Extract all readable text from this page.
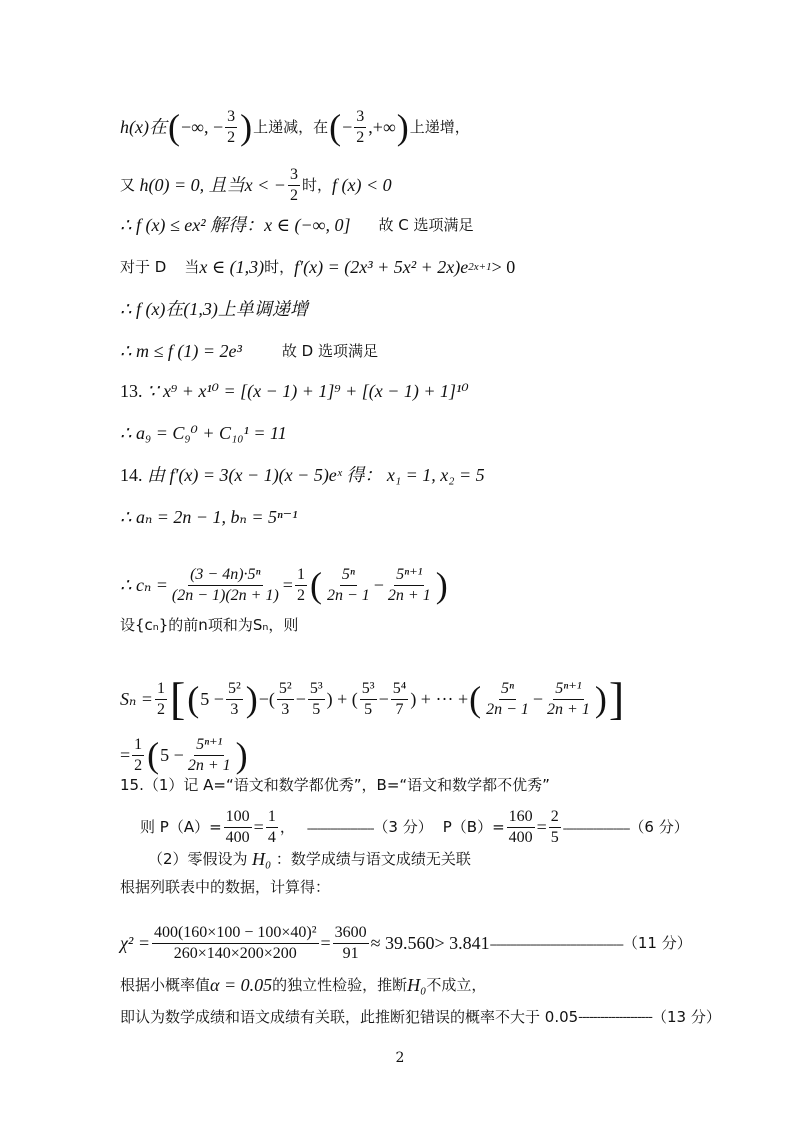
h(x)在 ( −∞, − $\frac{3}{2}$ ) 上递减，在 ( − $\frac{3}{2}$ ,+∞ ) 上递增，
又
h(0) = 0, 且当 x < − $\frac{3}{2}$ 时， f (x) < 0
∴ f (x) ≤ ex² 解得：x ∈ (−∞, 0] 故 C 选项满足
对于 D 当 x ∈ (1,3) 时， f′(x) = (2x³ + 5x² + 2x)e 2x+1 > 0
∴ f (x)在(1,3)上单调递增
∴ m ≤ f (1) = 2e³	故 D 选项满足
13.
∵ x⁹ + x¹⁰ = [(x − 1) + 1]⁹ + [(x − 1) + 1]¹⁰
∴ a₉ = C₉⁰ + C₁₀¹ = 11
14.
由 f′(x) = 3(x − 1)(x − 5)eˣ 得：
x₁ = 1, x₂ = 5
∴ aₙ = 2n − 1, bₙ = 5ⁿ⁻¹
∴ $c_n = \frac{\text{(3 − 4n)·5ⁿ}}{(2n - 1)(2n + 1)} = \frac{1}{2}$ ( $\frac{\text{5ⁿ}}{2n - 1} - \frac{\text{5ⁿ⁺¹}}{2n + 1}$ )
设{cₙ}的前n项和为Sₙ，则
$S_n = \frac{1}{2}$ [ ( $5 - \frac{\text{5²}}{3}$ ) −( $\frac{\text{5²}}{3} - \frac{\text{5³}}{5}$ ) + ( $\frac{\text{5³}}{5} - \frac{\text{5⁴}}{7}$ ) + ··· + ( $\frac{\text{5ⁿ}}{2n - 1} - \frac{\text{5ⁿ⁺¹}}{2n + 1}$ ) ]
= $\frac{1}{2}$ ( $5 - \frac{\text{5ⁿ⁺¹}}{2n + 1}$ )
15.（1）记 A=“语文和数学都优秀”，B=“语文和数学都不优秀”
则 $P(A)= \frac{100}{400} = \frac{1}{4}$ ， -------------------- （3 分） $P(B)= \frac{160}{400} = \frac{2}{5}$ -------------------- （6 分）
（2）零假设为
H₀
：数学成绩与语文成绩无关联
根据列联表中的数据，计算得：
$\chi^2 = \frac{\text{400(160×100 − 100×40)²}}{260\times 140\times 200\times 200} = \frac{3600}{91} \approx 39.560> 3.841$ ---------------------------------------- （11 分）
根据小概率值 α = 0.05 的独立性检验，推断 H₀ 不成立，
即认为数学成绩和语文成绩有关联，此推断犯错误的概率不大于 0.05 -------------------- （13 分）
2
